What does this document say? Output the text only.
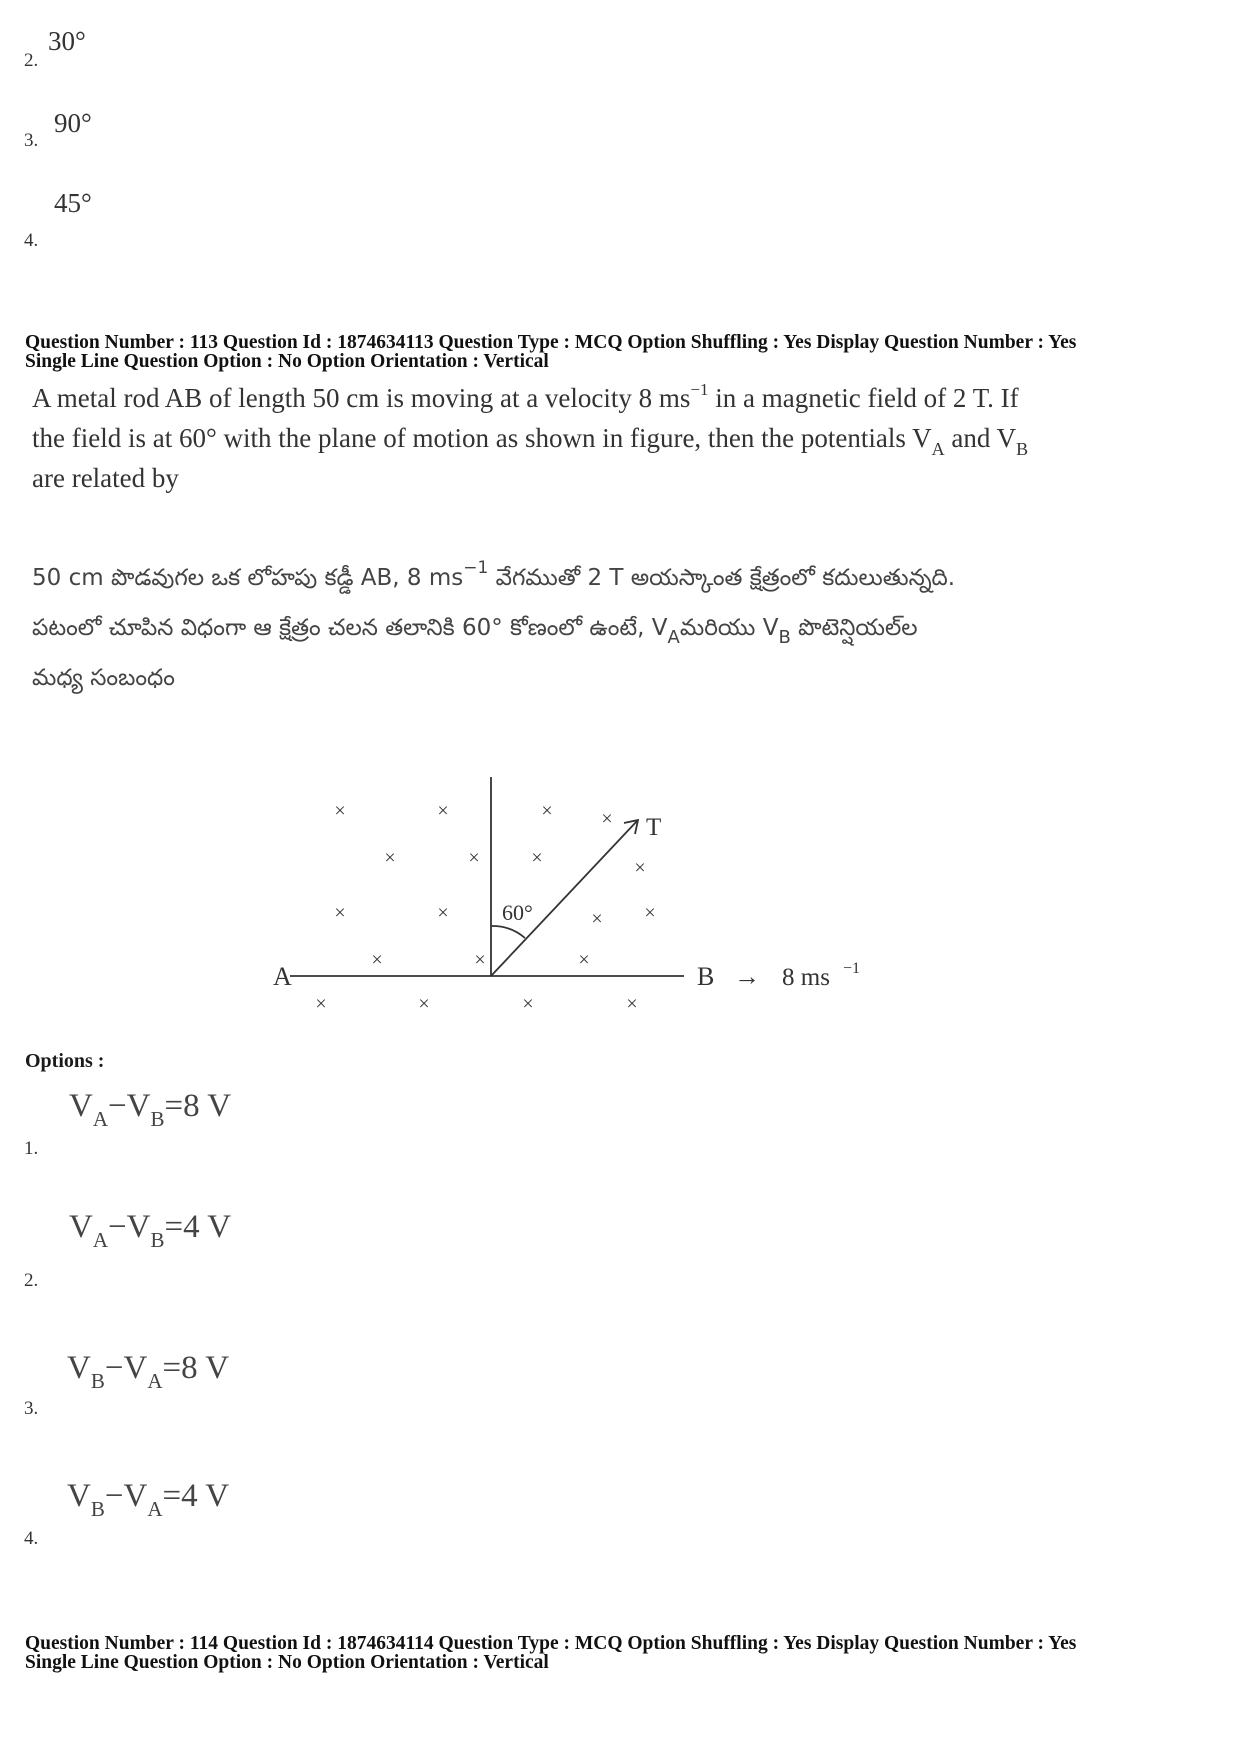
30°
2.
90°
3.
45°
4.
Question Number : 113 Question Id : 1874634113 Question Type : MCQ Option Shuffling : Yes Display Question Number : Yes
Single Line Question Option : No Option Orientation : Vertical
A metal rod AB of length 50 cm is moving at a velocity 8 $ms^{-1}$ in a magnetic field of 2 T. If
the field is at 60° with the plane of motion as shown in figure, then the potentials $V_A$ and $V_B$
are related by
50 cm పొడవుగల ఒక లోహపు కడ్డీ AB, 8 $ms^{-1}$ వేగముతో 2 T అయస్కాంత క్షేత్రంలో కదులుతున్నది.
పటంలో చూపిన విధంగా ఆ క్షేత్రం చలన తలానికి 60° కోణంలో ఉంటే, $V_Aమరియు$ $V_B$ పొటెన్షియల్‌ల
మధ్య సంబంధం
A	B → 8 ms −1
T
60°
×	×	× ×
×	×	×	×
×	×	× ×
×	×	×
×	×	×	×
Options :
$V_A-V_B=8$ V
1.
$V_A-V_B=4$ V
2.
$V_B-V_A=8$ V
3.
$V_B-V_A=4$ V
4.
Question Number : 114 Question Id : 1874634114 Question Type : MCQ Option Shuffling : Yes Display Question Number : Yes
Single Line Question Option : No Option Orientation : Vertical
